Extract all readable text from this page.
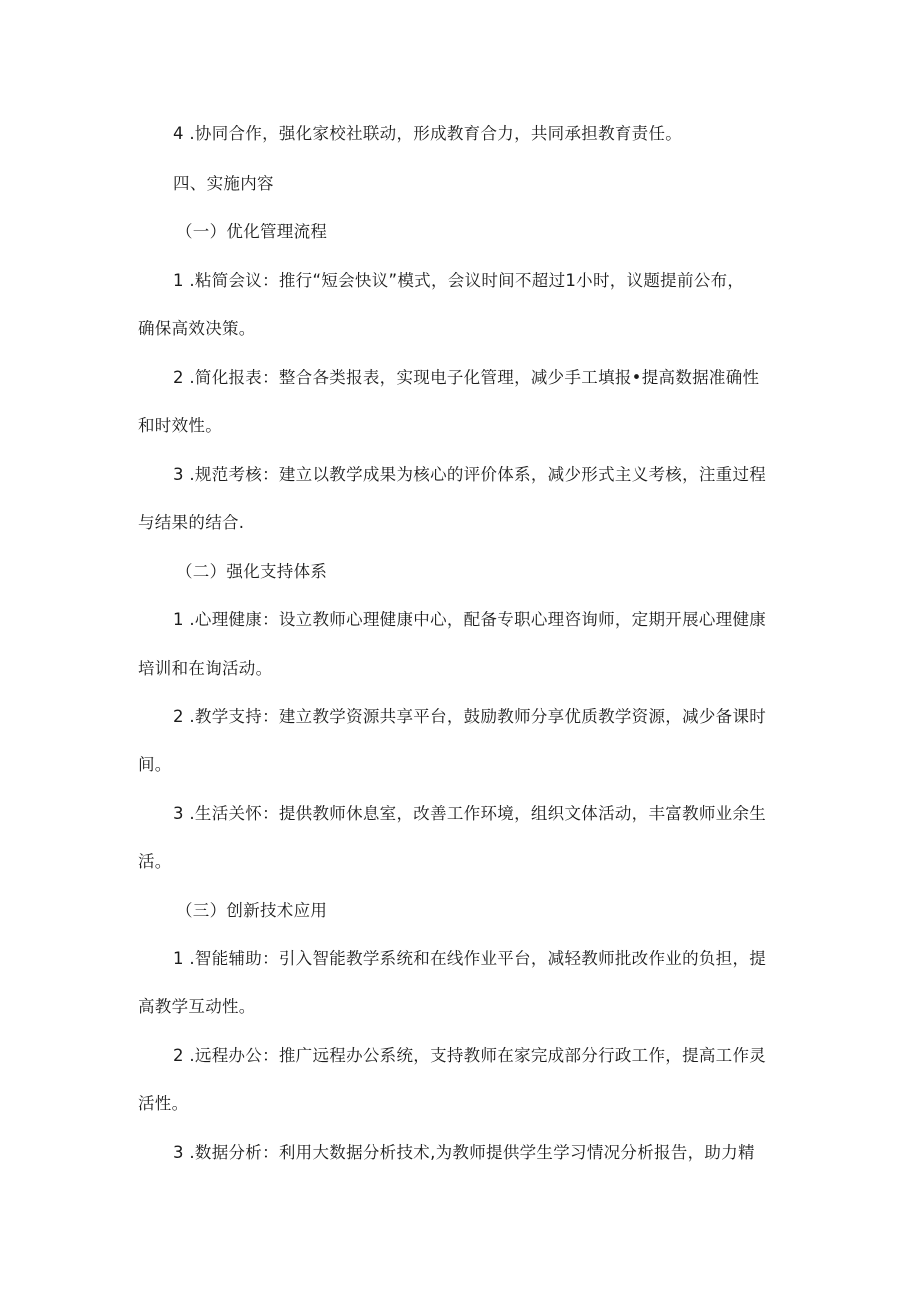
4 .协同合作，强化家校社联动，形成教育合力，共同承担教育责任。
四、实施内容
（一）优化管理流程
1 .粘简会议：推行“短会快议”模式，会议时间不超过1小时，议题提前公布，
确保高效决策。
2 .简化报表：整合各类报表，实现电子化管理，减少手工填报•提高数据准确性
和时效性。
3 .规范考核：建立以教学成果为核心的评价体系，减少形式主义考核，注重过程
与结果的结合.
（二）强化支持体系
1 .心理健康：设立教师心理健康中心，配备专职心理咨询师，定期开展心理健康
培训和在询活动。
2 .教学支持：建立教学资源共享平台，鼓励教师分享优质教学资源，减少备课时
间。
3 .生活关怀：提供教师休息室，改善工作环境，组织文体活动，丰富教师业余生
活。
（三）创新技术应用
1 .智能辅助：引入智能教学系统和在线作业平台，减轻教师批改作业的负担，提
高教学互动性。
2 .远程办公：推广远程办公系统，支持教师在家完成部分行政工作，提高工作灵
活性。
3 .数据分析：利用大数据分析技术,为教师提供学生学习情况分析报告，助力精
